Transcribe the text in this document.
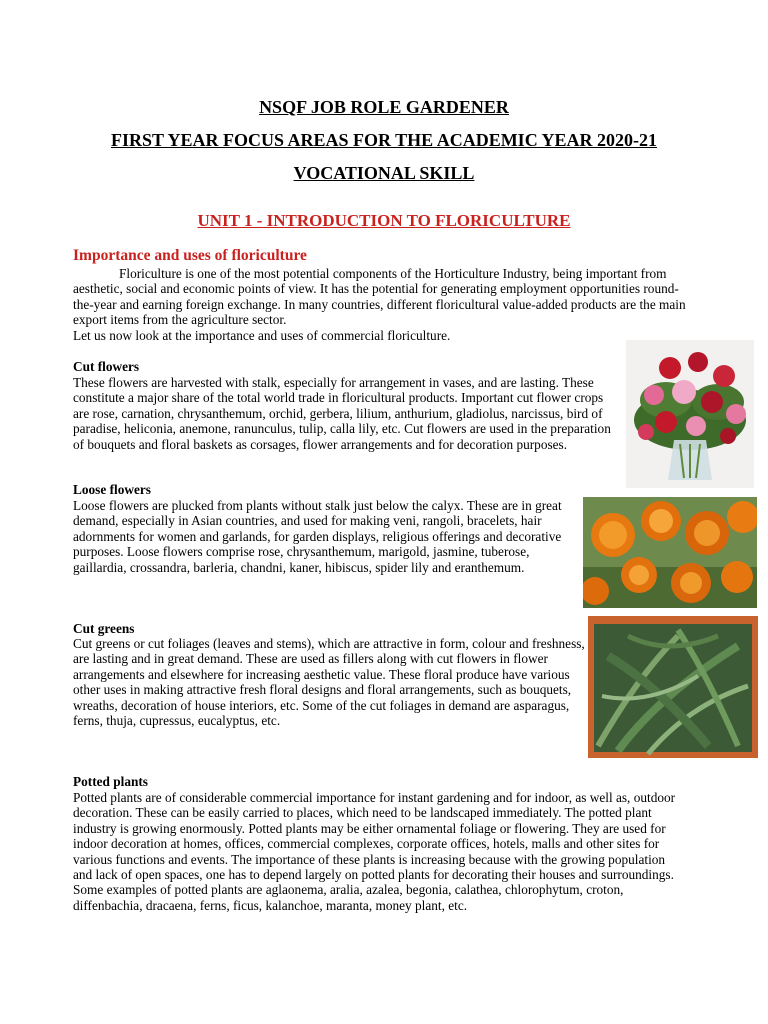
NSQF JOB ROLE GARDENER
FIRST YEAR FOCUS AREAS FOR THE ACADEMIC YEAR 2020-21
VOCATIONAL SKILL
UNIT 1 - INTRODUCTION TO FLORICULTURE
Importance and uses of floriculture

Floriculture is one of the most potential components of the Horticulture Industry, being important from aesthetic, social and economic points of view. It has the potential for generating employment opportunities round-the-year and earning foreign exchange. In many countries, different floricultural value-added products are the main export items from the agriculture sector.

Let us now look at the importance and uses of commercial floriculture.

Cut flowers
These flowers are harvested with stalk, especially for arrangement in vases, and are lasting. These constitute a major share of the total world trade in floricultural products. Important cut flower crops are rose, carnation, chrysanthemum, orchid, gerbera, lilium, anthurium, gladiolus, narcissus, bird of paradise, heliconia, anemone, ranunculus, tulip, calla lily, etc. Cut flowers are used in the preparation of bouquets and floral baskets as corsages, flower arrangements and for decoration purposes.
Loose flowers
Loose flowers are plucked from plants without stalk just below the calyx. These are in great demand, especially in Asian countries, and used for making veni, rangoli, bracelets, hair adornments for women and garlands, for garden displays, religious offerings and decorative purposes. Loose flowers comprise rose, chrysanthemum, marigold, jasmine, tuberose, gaillardia, crossandra, barleria, chandni, kaner, hibiscus, spider lily and eranthemum.
Cut greens
Cut greens or cut foliages (leaves and stems), which are attractive in form, colour and freshness, are lasting and in great demand. These are used as fillers along with cut flowers in flower arrangements and elsewhere for increasing aesthetic value. These floral produce have various other uses in making attractive fresh floral designs and floral arrangements, such as bouquets, wreaths, decoration of house interiors, etc. Some of the cut foliages in demand are asparagus, ferns, thuja, cupressus, eucalyptus, etc.
Potted plants
Potted plants are of considerable commercial importance for instant gardening and for indoor, as well as, outdoor decoration. These can be easily carried to places, which need to be landscaped immediately. The potted plant industry is growing enormously. Potted plants may be either ornamental foliage or flowering. They are used for indoor decoration at homes, offices, commercial complexes, corporate offices, hotels, malls and other sites for various functions and events. The importance of these plants is increasing because with the growing population and lack of open spaces, one has to depend largely on potted plants for decorating their houses and surroundings. Some examples of potted plants are aglaonema, aralia, azalea, begonia, calathea, chlorophytum, croton, diffenbachia, dracaena, ferns, ficus, kalanchoe, maranta, money plant, etc.
